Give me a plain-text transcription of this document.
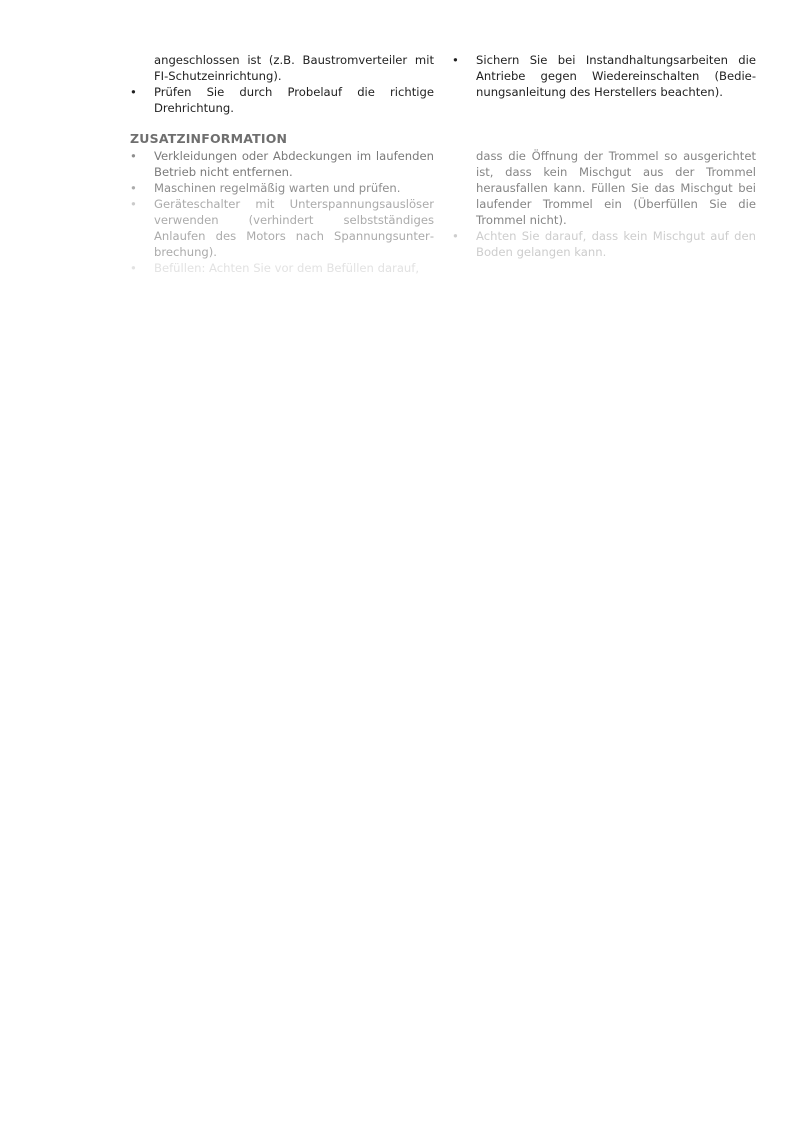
angeschlossen ist (z.B. Baustromverteiler mit FI-Schutzeinrichtung).
• Prüfen Sie durch Probelauf die richtige Drehrichtung.
• Sichern Sie bei Instandhaltungsarbeiten die Antriebe gegen Wiedereinschalten (Bedienungsanleitung des Herstellers beachten).
ZUSATZINFORMATION
• Verkleidungen oder Abdeckungen im laufenden Betrieb nicht entfernen.
• Maschinen regelmäßig warten und prüfen.
• Geräteschalter mit Unterspannungsauslöser verwenden (verhindert selbstständiges Anlaufen des Motors nach Spannungsunterbrechung).
• Befüllen: Achten Sie vor dem Befüllen darauf,
dass die Öffnung der Trommel so ausgerichtet ist, dass kein Mischgut aus der Trommel herausfallen kann. Füllen Sie das Mischgut bei laufender Trommel ein (Überfüllen Sie die Trommel nicht).
• Achten Sie darauf, dass kein Mischgut auf den Boden gelangen kann.
